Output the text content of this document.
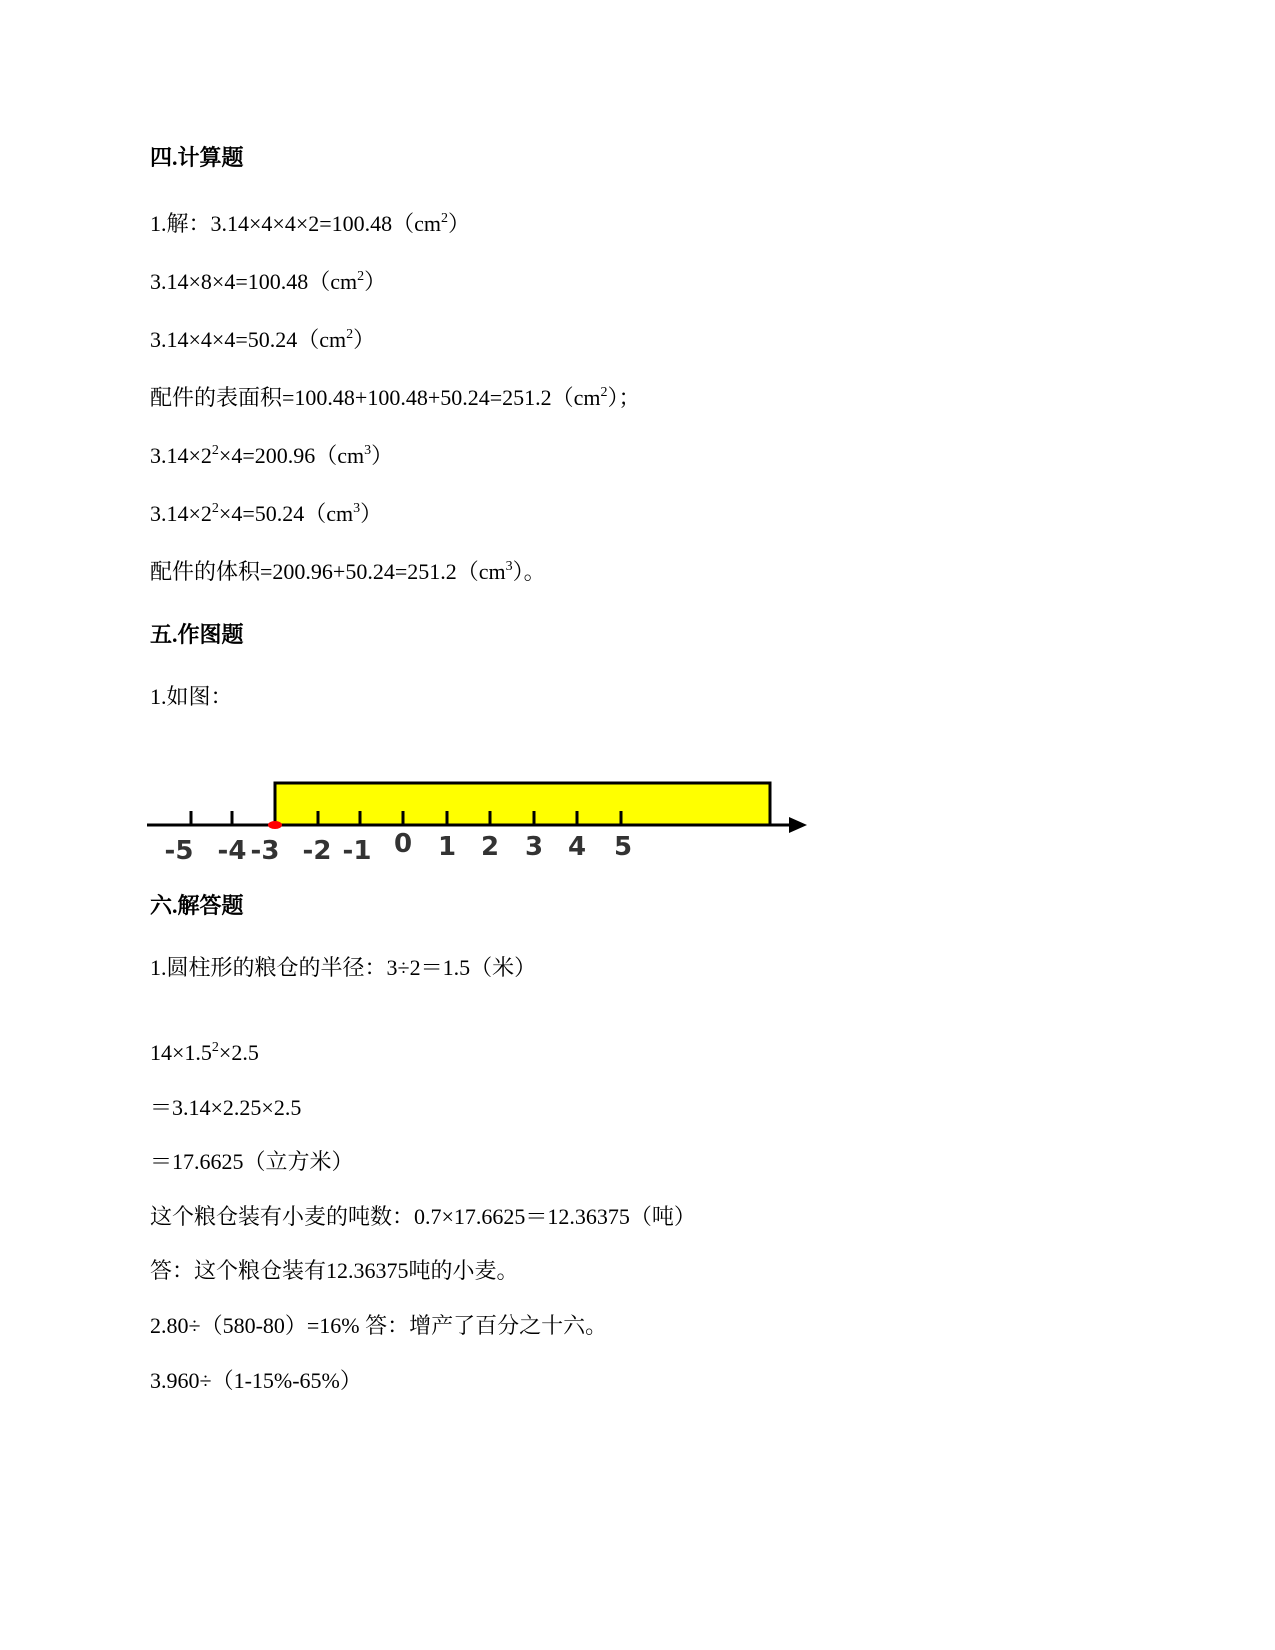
四.计算题
1.解：$3.14\times 4\times 4\times 2=100.48(cm^2)$
$3.14\times 8\times 4=100.48(cm^2)$
$3.14\times 4\times 4=50.24(cm^2)$
配件的表面积$=100.48+100.48+50.24=251.2(cm^2)$；
$3.14\times 2^2\times 4=200.96(cm^3)$
$3.14\times 2^2\times 4=50.24(cm^3)$
配件的体积$=200.96+50.24=251.2(cm^3)$。
五.作图题
1.如图：
-5 -4 -3 -2 -1 0 1 2 3 4 5
六.解答题
1.圆柱形的粮仓的半径：3÷2＝1.5（米）
$14\times 1.5^2\times 2.5$
＝3.14×2.25×2.5
＝17.6625（立方米）
这个粮仓装有小麦的吨数：0.7×17.6625＝12.36375（吨）
答：这个粮仓装有12.36375吨的小麦。
2.80÷（580-80）=16% 答：增产了百分之十六。
3.960÷（1-15%-65%）
